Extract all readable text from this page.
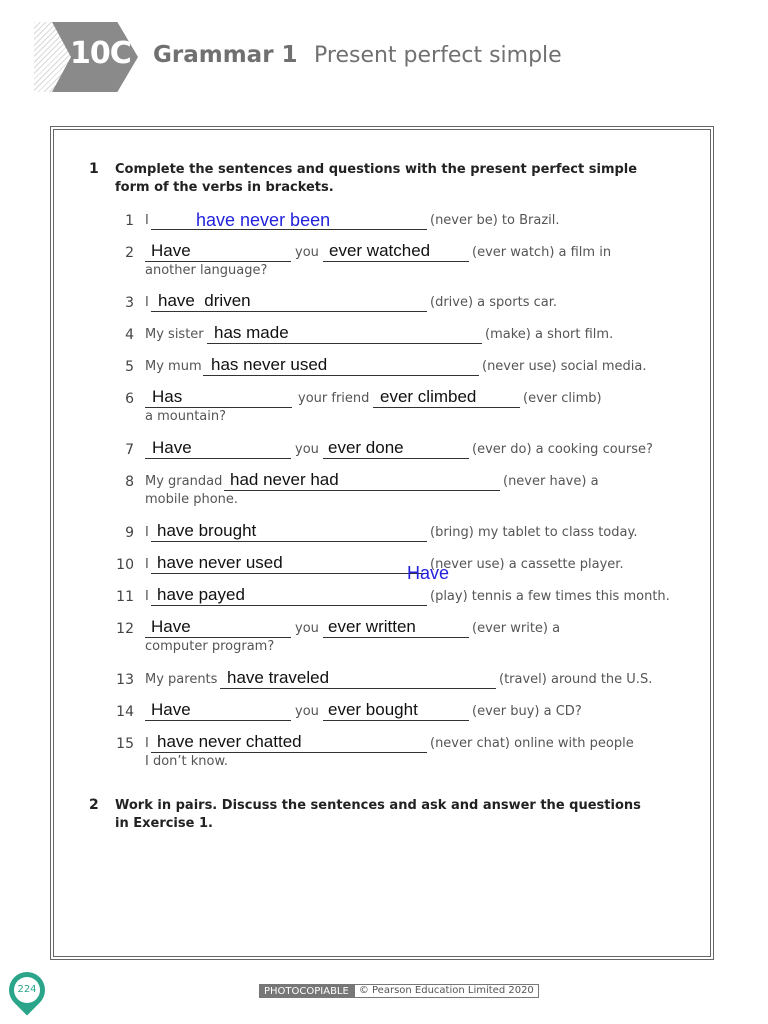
10C Grammar 1 Present perfect simple
1 Complete the sentences and questions with the present perfect simple form of the verbs in brackets.
1 I	have never been	(never be) to Brazil.
2 Have	you ever watched	(ever watch) a film in
another language?
3 I have  driven	(drive) a sports car.
4 My sister has made	(make) a short film.
5 My mum has never used	(never use) social media.
6 Has	your friend ever climbed	(ever climb)
a mountain?
7 Have	you ever done	(ever do) a cooking course?
8 My grandad had never had	(never have) a
mobile phone.
9 I have brought	(bring) my tablet to class today.
10 I have never used	(never use) a cassette player.
Have
11 I have payed	(play) tennis a few times this month.
12 Have	you ever written	(ever write) a
computer program?
13 My parents have traveled	(travel) around the U.S.
14 Have	you ever bought	(ever buy) a CD?
15 I have never chatted	(never chat) online with people
I don’t know.
2 Work in pairs. Discuss the sentences and ask and answer the questions in Exercise 1.
224	PHOTOCOPIABLE	© Pearson Education Limited 2020
